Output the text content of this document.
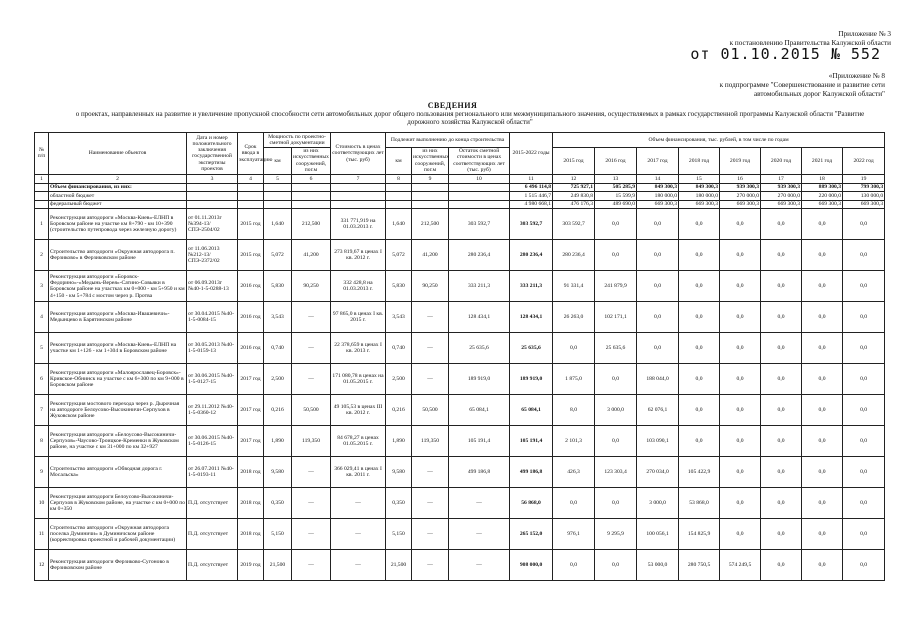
Приложение № 3
к постановлению Правительства Калужской области
от 01.10.2015 № 552
«Приложение № 8
к подпрограмме "Совершенствование и развитие сети
автомобильных дорог Калужской области"
СВЕДЕНИЯ
о проектах, направленных на развитие и увеличение пропускной способности сети автомобильных дорог общего пользования регионального или межмуниципального значения, осуществляемых в рамках государственной программы Калужской области "Развитие дорожного хозяйства Калужской области"
№ п/п	Наименование объектов	Дата и номер положительного заключения государственной экспертизы проектов	Срок ввода в эксплуатацию	Мощность по проектно-сметной документации		Стоимость в ценах соответствующих лет (тыс. руб)	Подлежит выполнению до конца строительства			2015-2022 годы	Объем финансирования, тыс. рублей, в том числе по годам							
				км	из них искусственных сооружений, пог.м		км	из них искусственных сооружений, пог.м	Остаток сметной стоимости в ценах соответствующих лет (тыс. руб)		2015 год	2016 год	2017 год	2018 год	2019 год	2020 год	2021 год	2022 год
1	2	3	4	5	6	7	8	9	10	11	12	13	14	15	16	17	18	19
	Объем финансирования, из них:									6 496 114,8	725 927,1	505 285,9	849 300,3	849 300,3	939 300,3	939 300,3	889 300,3	799 300,3
	областной бюджет									1 515 446,7	249 830,8	15 599,9	180 000,0	180 000,0	270 000,0	270 000,0	220 000,0	130 000,0
	федеральный бюджет									4 980 668,1	476 176,3	489 690,0	669 300,3	669 300,3	669 300,3	669 300,3	669 300,3	669 300,3
1	Реконструкция автодороги «Москва-Киев»-ЕЛНП в Боровском районе на участке км 8+790 - км 10+390 (строительство путепровода через железную дорогу)	от 01.11.2013г №394-13/СПЭ-2504/02	2015 год	1,640	212,500	331 771,919 на 01.03.2013 г.	1,640	212,500	303 592,7	303 592,7	303 592,7	0,0	0,0	0,0	0,0	0,0	0,0	0,0
2	Строительство автодороги «Окружная автодорога п. Ферзиково» в Ферзиковском районе	от 11.06.2013 №212-13/СПЭ-2372/02	2015 год	5,072	41,200	273 819,67 в ценах I кв. 2012 г.	5,072	41,200	280 236,4	280 236,4	280 236,4	0,0	0,0	0,0	0,0	0,0	0,0	0,0
3	Реконструкция автодороги «Боровск-Федорино»-«Медынь-Верея»-Сатино-Совьяки в Боровском районе на участках км 0+000 - км 5+950 и км 4+150 - км 5+784 с мостом через р. Протва	от 06.09.2013г №40-1-5-0288-13	2016 год	5,830	90,250	332 428,8 на 01.03.2013 г.	5,830	90,250	333 211,3	333 211,3	91 331,4	241 879,9	0,0	0,0	0,0	0,0	0,0	0,0
4	Реконструкция автодороги «Москва-Ивашевичи»-Медынцево в Барятинском районе	от 30.04.2015 №40-1-5-0084-15	2016 год	3,543	—	97 865,0 в ценах I кв. 2015 г.	3,543	—	128 434,1	128 434,1	26 263,0	102 171,1	0,0	0,0	0,0	0,0	0,0	0,0
5	Реконструкция автодороги «Москва-Киев»-ЕЛНП на участке км 1+126 - км 1+304 в Боровском районе	от 30.05.2013 №40-1-5-0159-13	2016 год	0,740	—	22 378,659 в ценах I кв. 2013 г.	0,740	—	25 635,6	25 635,6	0,0	25 635,6	0,0	0,0	0,0	0,0	0,0	0,0
6	Реконструкция автодороги «Малоярославец-Боровск»-Кривское-Обнинск на участке с км 6+300 по км 9+000 в Боровском районе	от 30.06.2015 №40-1-5-0127-15	2017 год	2,500	—	171 080,78 в ценах на 01.05.2015 г.	2,500	—	189 919,0	189 919,0	1 875,0	0,0	188 044,0	0,0	0,0	0,0	0,0	0,0
7	Реконструкция мостового перехода через р. Дырочная на автодороге Белоусово-Высокиничи-Серпухов в Жуковском районе	от 29.11.2012 №40-1-5-0360-12	2017 год	0,216	50,500	49 105,53 в ценах III кв. 2012 г.	0,216	50,500	65 084,1	65 084,1	8,0	3 000,0	62 076,1	0,0	0,0	0,0	0,0	0,0
8	Реконструкция автодороги «Белоусово-Высокиничи-Серпухов»-Чаусово-Троицкое-Кременки в Жуковском районе, на участке с км 31+000 по км 32+927	от 30.06.2015 №40-1-5-0126-15	2017 год	1,890	119,350	84 678,27 в ценах 01.05.2015 г.	1,890	119,350	105 191,4	105 191,4	2 101,3	0,0	103 090,1	0,0	0,0	0,0	0,0	0,0
9	Строительство автодороги «Обводная дорога г. Мосальска»	от 26.07.2011 №40-1-5-0193-11	2018 год	9,580	—	366 029,41 в ценах I кв. 2011 г.	9,580	—	499 186,8	499 186,8	426,3	123 303,4	270 034,0	105 422,9	0,0	0,0	0,0	0,0
10	Реконструкция автодороги Белоусово-Высокиничи-Серпухов в Жуковском районе, на участке с км 0+000 по км 0+350	П.Д. отсутствует	2018 год	0,350	—	—	0,350	—	—	56 868,0	0,0	0,0	3 000,0	53 868,0	0,0	0,0	0,0	0,0
11	Строительство автодороги «Окружная автодорога поселка Думиничи» в Думиничском районе (корректировка проектной и рабочей документации)	П.Д. отсутствует	2018 год	5,150	—	—	5,150	—	—	265 152,0	976,1	9 295,9	100 056,1	154 825,9	0,0	0,0	0,0	0,0
12	Реконструкция автодороги Ферзиково-Сугоново в Ферзиковском районе	П.Д. отсутствует	2019 год	21,500	—	—	21,500	—	—	908 000,0	0,0	0,0	53 000,0	280 750,5	574 249,5	0,0	0,0	0,0
